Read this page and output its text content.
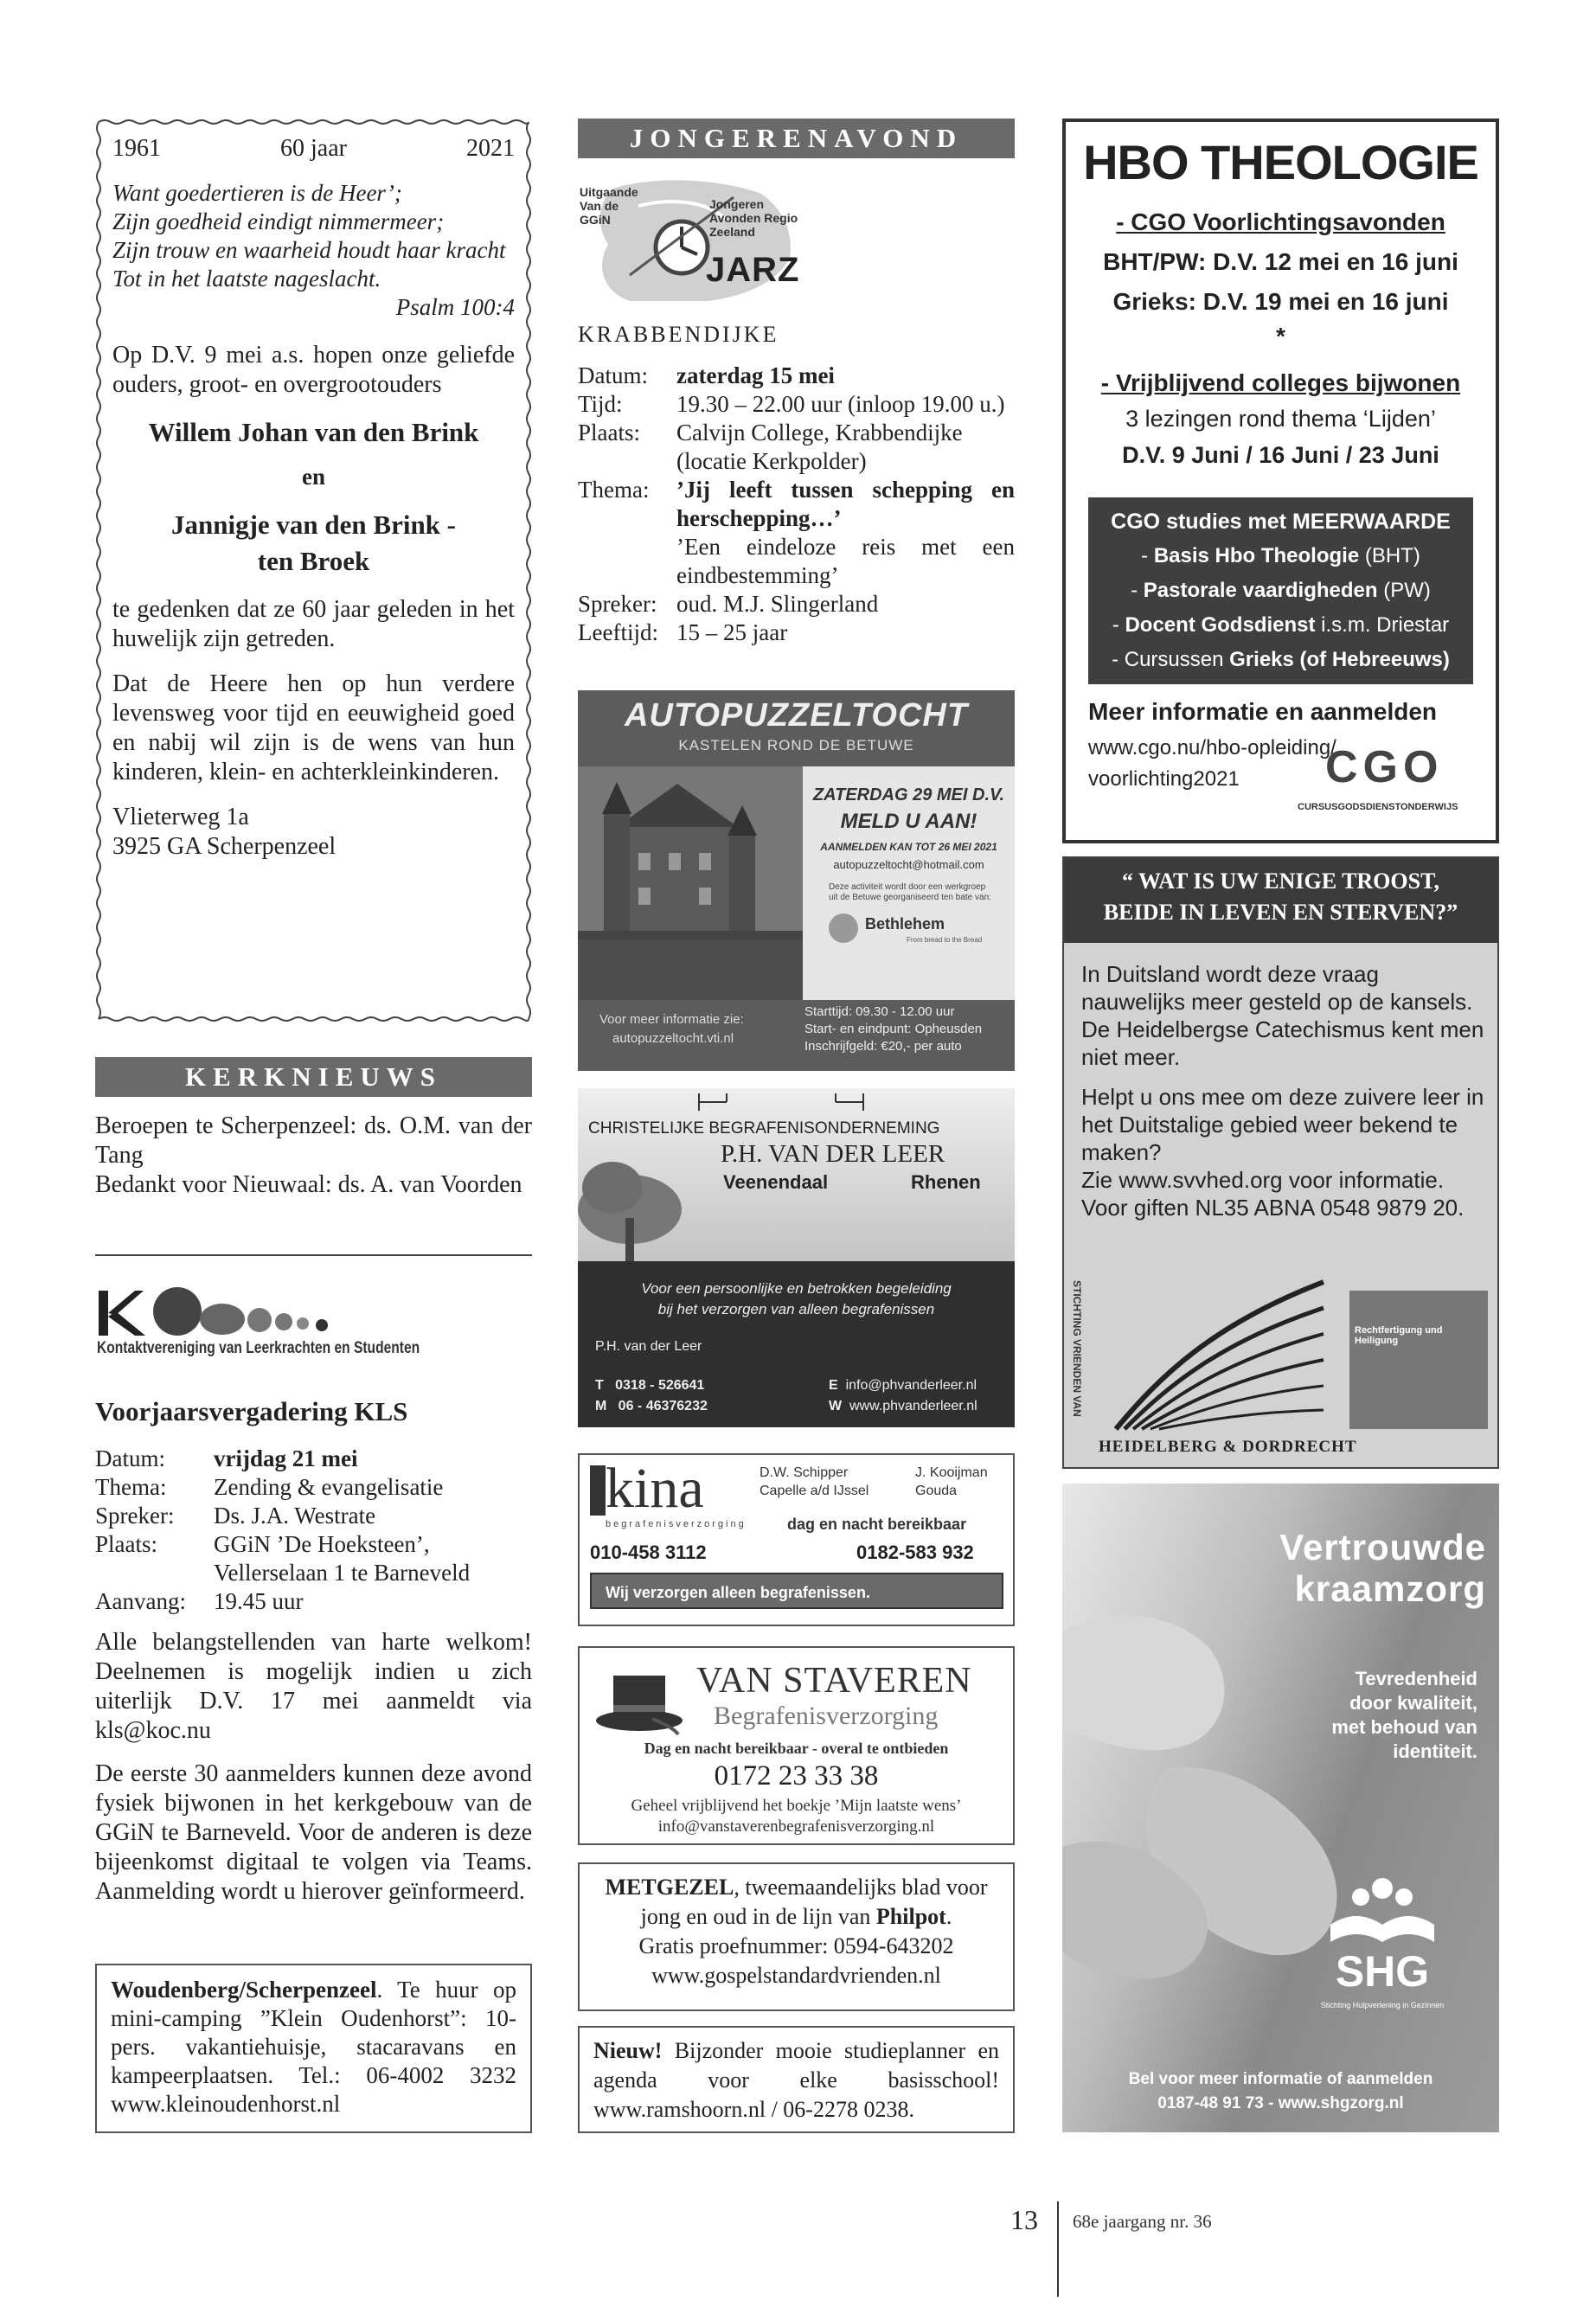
1961	60 jaar	2021
Want goedertieren is de Heer’;
Zijn goedheid eindigt nimmermeer;
Zijn trouw en waarheid houdt haar kracht
Tot in het laatste nageslacht.
Psalm 100:4

Op D.V. 9 mei a.s. hopen onze geliefde ouders, groot- en overgrootouders

Willem Johan van den Brink
en
Jannigje van den Brink -
ten Broek

te gedenken dat ze 60 jaar geleden in het huwelijk zijn getreden.

Dat de Heere hen op hun verdere levensweg voor tijd en eeuwigheid goed en nabij wil zijn is de wens van hun kinderen, klein- en achterkleinkinderen.

Vlieterweg 1a
3925 GA Scherpenzeel
KERKNIEUWS

Beroepen te Scherpenzeel: ds. O.M. van der Tang

Bedankt voor Nieuwaal: ds. A. van Voorden

Kontaktvereniging van Leerkrachten en Studenten
Voorjaarsvergadering KLS
Datum:	vrijdag 21 mei
Thema:	Zending & evangelisatie
Spreker:	Ds. J.A. Westrate
Plaats:	GGiN ’De Hoeksteen’,
	Vellerselaan 1 te Barneveld
Aanvang:	19.45 uur

Alle belangstellenden van harte welkom! Deelnemen is mogelijk indien u zich uiterlijk D.V. 17 mei aanmeldt via kls@koc.nu

De eerste 30 aanmelders kunnen deze avond fysiek bijwonen in het kerkgebouw van de GGiN te Barneveld. Voor de anderen is deze bijeenkomst digitaal te volgen via Teams. Aanmelding wordt u hierover geïnformeerd.

Woudenberg/Scherpenzeel. Te huur op mini-camping ”Klein Oudenhorst”: 10-pers. vakantiehuisje, stacaravans en kampeerplaatsen. Tel.: 06-4002 3232 www.kleinoudenhorst.nl

JONGERENAVOND
Uitgaande Van de GGiN
Jongeren Avonden Regio Zeeland
JARZ
KRABBENDIJKE
Datum:	zaterdag 15 mei
Tijd:	19.30 – 22.00 uur (inloop 19.00 u.)
Plaats:	Calvijn College, Krabbendijke
	(locatie Kerkpolder)
Thema:	’Jij leeft tussen schepping en herschepping…’
	’Een eindeloze reis met een eindbestemming’
Spreker:	oud. M.J. Slingerland
Leeftijd:	15 – 25 jaar
AUTOPUZZELTOCHT
KASTELEN ROND DE BETUWE
ZATERDAG 29 MEI D.V.
MELD U AAN!
AANMELDEN KAN TOT 26 MEI 2021
autopuzzeltocht@hotmail.com
Deze activiteit wordt door een werkgroep uit de Betuwe georganiseerd ten bate van:
Bethlehem
From bread to the Bread
Voor meer informatie zie:
autopuzzeltocht.vti.nl
Starttijd: 09.30 - 12.00 uur
Start- en eindpunt: Opheusden
Inschrijfgeld: €20,- per auto
CHRISTELIJKE BEGRAFENISONDERNEMING
P.H. VAN DER LEER
Veenendaal	Rhenen
Voor een persoonlijke en betrokken begeleiding
bij het verzorgen van alleen begrafenissen
P.H. van der Leer
T 0318 - 526641
M 06 - 46376232
E info@phvanderleer.nl
W www.phvanderleer.nl
kina
begrafenisverzorging
D.W. Schipper
Capelle a/d IJssel
J. Kooijman
Gouda
dag en nacht bereikbaar
010-458 3112	0182-583 932
Wij verzorgen alleen begrafenissen.
VAN STAVEREN
Begrafenisverzorging
Dag en nacht bereikbaar - overal te ontbieden
0172 23 33 38
Geheel vrijblijvend het boekje ’Mijn laatste wens’
info@vanstaverenbegrafenisverzorging.nl
METGEZEL, tweemaandelijks blad voor jong en oud in de lijn van Philpot.
Gratis proefnummer: 0594-643202
www.gospelstandardvrienden.nl

Nieuw! Bijzonder mooie studieplanner en agenda voor elke basisschool! www.ramshoorn.nl / 06-2278 0238.

HBO THEOLOGIE
- CGO Voorlichtingsavonden
BHT/PW: D.V. 12 mei en 16 juni
Grieks: D.V. 19 mei en 16 juni
*
- Vrijblijvend colleges bijwonen
3 lezingen rond thema ‘Lijden’
D.V. 9 Juni / 16 Juni / 23 Juni
CGO studies met MEERWAARDE
- Basis Hbo Theologie (BHT)
- Pastorale vaardigheden (PW)
- Docent Godsdienst i.s.m. Driestar
- Cursussen Grieks (of Hebreeuws)
Meer informatie en aanmelden
www.cgo.nu/hbo-opleiding/
voorlichting2021 CGO
CURSUSGODSDIENSTONDERWIJS
“ WAT IS UW ENIGE TROOST,
BEIDE IN LEVEN EN STERVEN?”

In Duitsland wordt deze vraag nauwelijks meer gesteld op de kansels. De Heidelbergse Catechismus kent men niet meer.

Helpt u ons mee om deze zuivere leer in het Duitstalige gebied weer bekend te maken?

Zie www.svvhed.org voor informatie.

Voor giften NL35 ABNA 0548 9879 20.

STICHTING VRIENDEN VAN	Rechtfertigung und Heiligung
HEIDELBERG & DORDRECHT
Vertrouwde
kraamzorg
Tevredenheid
door kwaliteit,
met behoud van
identiteit.
SHG
Stichting Hulpverlening in Gezinnen
Bel voor meer informatie of aanmelden
0187-48 91 73 - www.shgzorg.nl
13 68e jaargang nr. 36
